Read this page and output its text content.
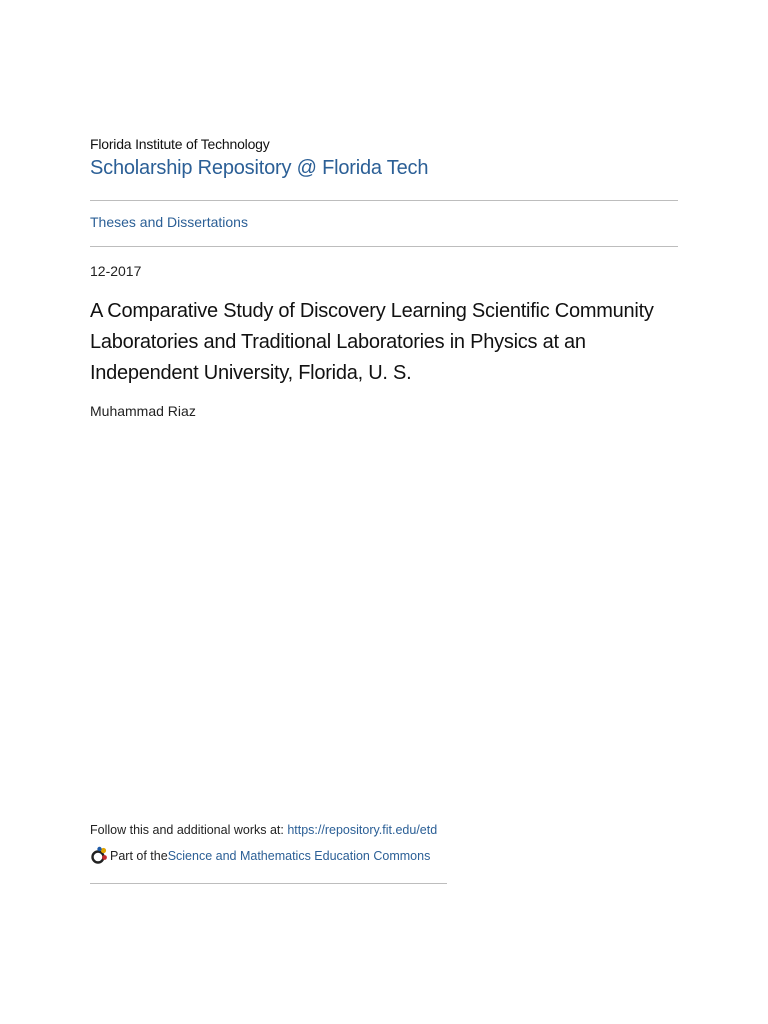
Florida Institute of Technology
Scholarship Repository @ Florida Tech
Theses and Dissertations
12-2017
A Comparative Study of Discovery Learning Scientific Community Laboratories and Traditional Laboratories in Physics at an Independent University, Florida, U. S.
Muhammad Riaz
Follow this and additional works at: https://repository.fit.edu/etd
Part of the Science and Mathematics Education Commons
